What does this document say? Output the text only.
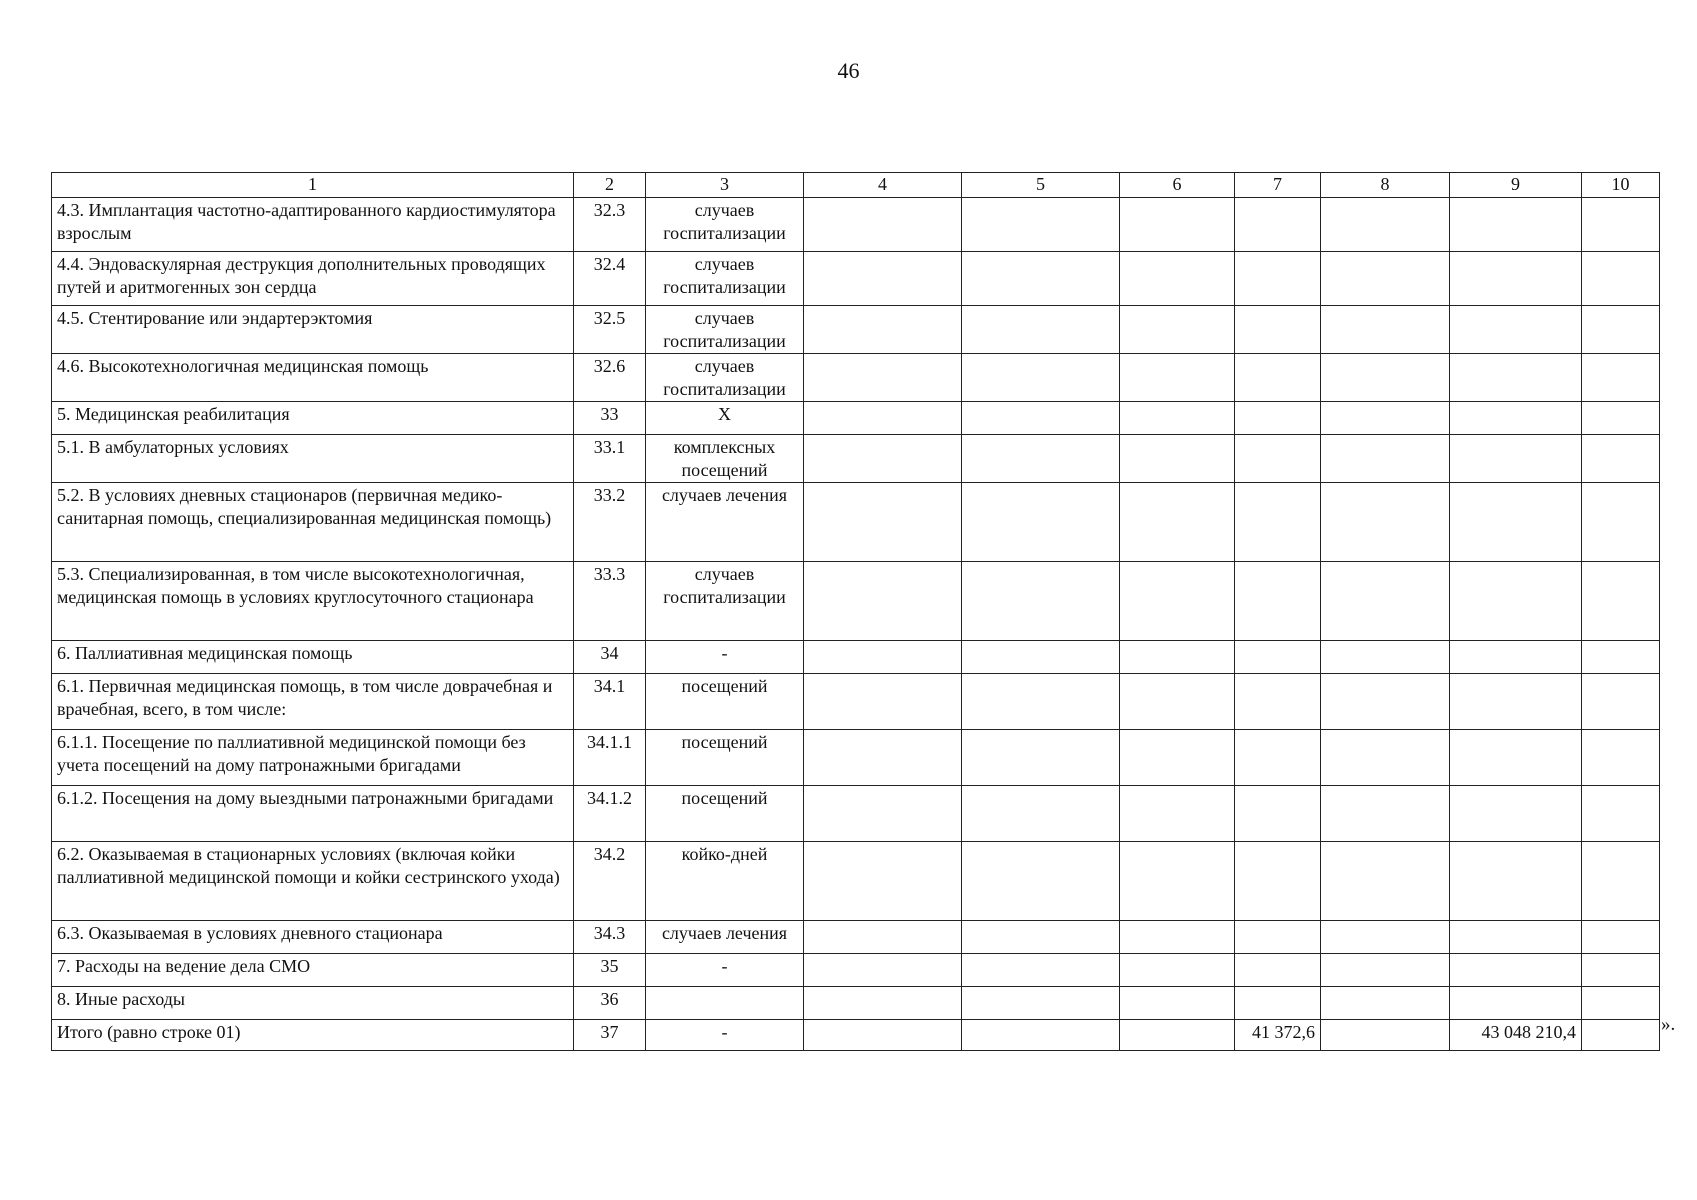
46
1	2	3	4	5	6	7	8	9	10
4.3. Имплантация частотно-адаптированного кардиостимулятора взрослым	32.3	случаев госпитализации							
4.4. Эндоваскулярная деструкция дополнительных проводящих путей и аритмогенных зон сердца	32.4	случаев госпитализации							
4.5. Стентирование или эндартерэктомия	32.5	случаев госпитализации							
4.6. Высокотехнологичная медицинская помощь	32.6	случаев госпитализации							
5. Медицинская реабилитация	33	Х							
5.1. В амбулаторных условиях	33.1	комплексных посещений							
5.2. В условиях дневных стационаров (первичная медико-санитарная помощь, специализированная медицинская помощь)	33.2	случаев лечения							
5.3. Специализированная, в том числе высокотехнологичная, медицинская помощь в условиях круглосуточного стационара	33.3	случаев госпитализации							
6. Паллиативная медицинская помощь	34	-							
6.1. Первичная медицинская помощь, в том числе доврачебная и врачебная, всего, в том числе:	34.1	посещений							
6.1.1. Посещение по паллиативной медицинской помощи без учета посещений на дому патронажными бригадами	34.1.1	посещений							
6.1.2. Посещения на дому выездными патронажными бригадами	34.1.2	посещений							
6.2. Оказываемая в стационарных условиях (включая койки паллиативной медицинской помощи и койки сестринского ухода)	34.2	койко-дней							
6.3. Оказываемая в условиях дневного стационара	34.3	случаев лечения							
7. Расходы на ведение дела СМО	35	-							
8. Иные расходы	36								
Итого (равно строке 01)	37	-				41 372,6		43 048 210,4		».
